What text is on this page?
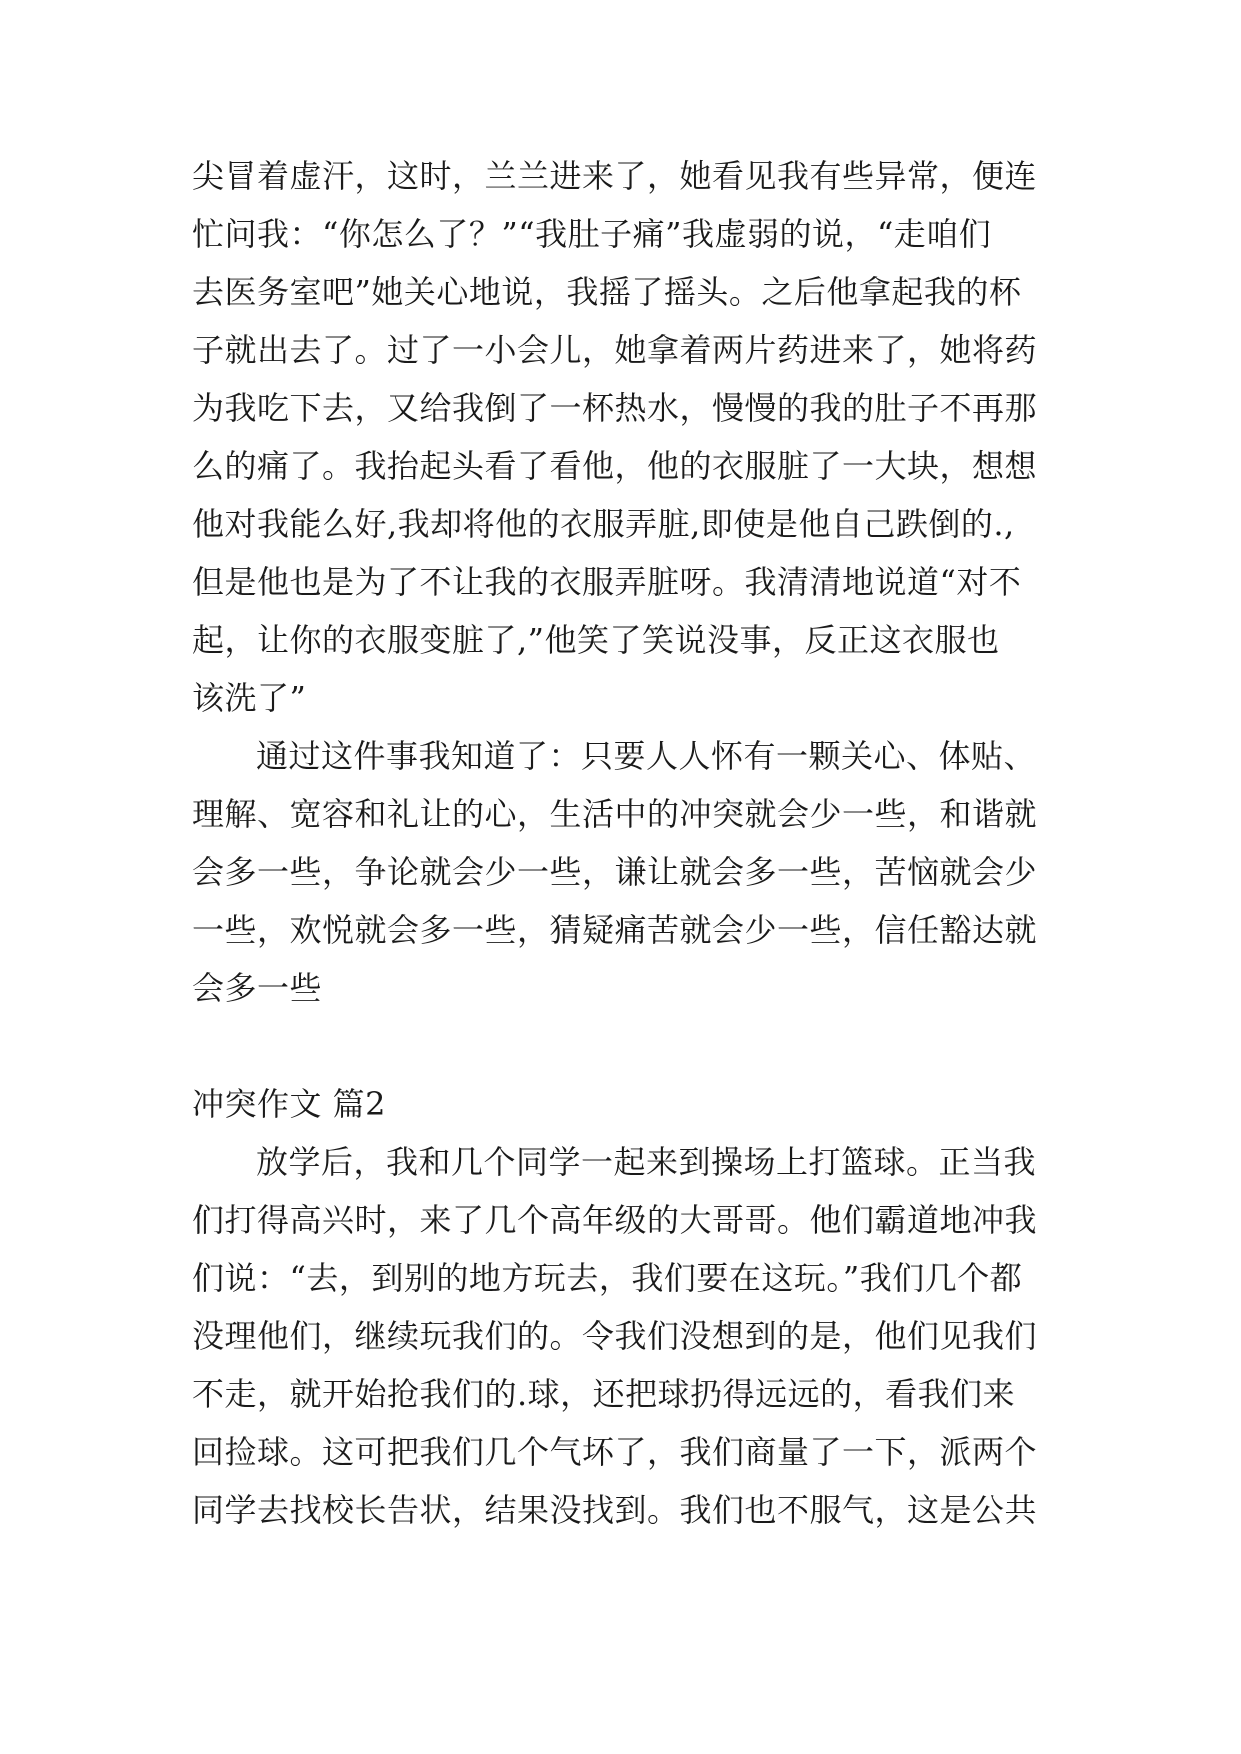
尖冒着虚汗，这时，兰兰进来了，她看见我有些异常，便连
忙问我：“你怎么了？”“我肚子痛”我虚弱的说，“走咱们
去医务室吧”她关心地说，我摇了摇头。之后他拿起我的杯
子就出去了。过了一小会儿，她拿着两片药进来了，她将药
为我吃下去，又给我倒了一杯热水，慢慢的我的肚子不再那
么的痛了。我抬起头看了看他，他的衣服脏了一大块，想想
他对我能么好,我却将他的衣服弄脏,即使是他自己跌倒的.,
但是他也是为了不让我的衣服弄脏呀。我清清地说道“对不
起，让你的衣服变脏了,”他笑了笑说没事，反正这衣服也
该洗了”
通过这件事我知道了：只要人人怀有一颗关心、体贴、
理解、宽容和礼让的心，生活中的冲突就会少一些，和谐就
会多一些，争论就会少一些，谦让就会多一些，苦恼就会少
一些，欢悦就会多一些，猜疑痛苦就会少一些，信任豁达就
会多一些
冲突作文 篇2
放学后，我和几个同学一起来到操场上打篮球。正当我
们打得高兴时，来了几个高年级的大哥哥。他们霸道地冲我
们说：“去，到别的地方玩去，我们要在这玩。”我们几个都
没理他们，继续玩我们的。令我们没想到的是，他们见我们
不走，就开始抢我们的.球，还把球扔得远远的，看我们来
回捡球。这可把我们几个气坏了，我们商量了一下，派两个
同学去找校长告状，结果没找到。我们也不服气，这是公共
